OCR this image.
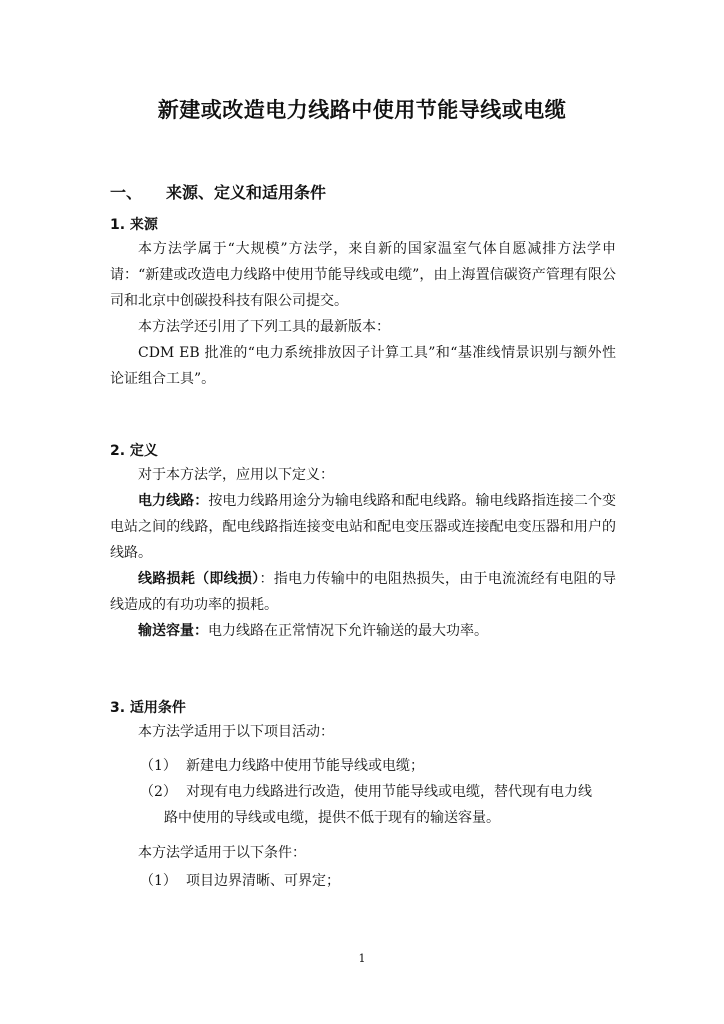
新建或改造电力线路中使用节能导线或电缆
一、 来源、定义和适用条件
1. 来源

本方法学属于“大规模”方法学，来自新的国家温室气体自愿减排方法学申请：“新建或改造电力线路中使用节能导线或电缆”，由上海置信碳资产管理有限公司和北京中创碳投科技有限公司提交。

本方法学还引用了下列工具的最新版本：

CDM EB 批准的“电力系统排放因子计算工具”和“基准线情景识别与额外性论证组合工具”。

2. 定义

对于本方法学，应用以下定义：

电力线路：按电力线路用途分为输电线路和配电线路。输电线路指连接二个变电站之间的线路，配电线路指连接变电站和配电变压器或连接配电变压器和用户的线路。

线路损耗（即线损）：指电力传输中的电阻热损失，由于电流流经有电阻的导线造成的有功功率的损耗。

输送容量：电力线路在正常情况下允许输送的最大功率。

3. 适用条件

本方法学适用于以下项目活动：

（1） 新建电力线路中使用节能导线或电缆；
（2） 对现有电力线路进行改造，使用节能导线或电缆，替代现有电力线
路中使用的导线或电缆，提供不低于现有的输送容量。

本方法学适用于以下条件：

（1） 项目边界清晰、可界定；
1
